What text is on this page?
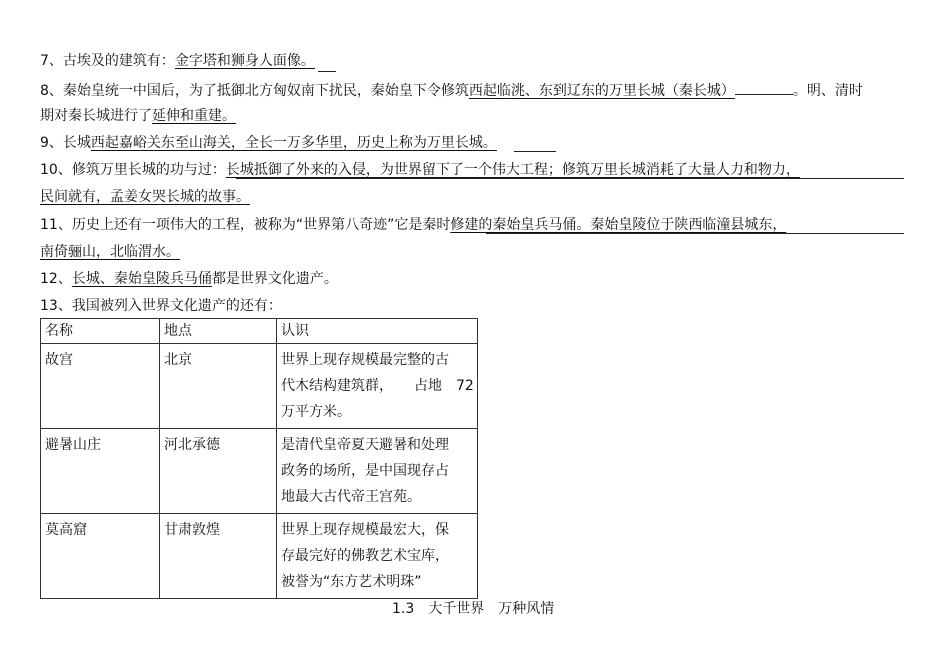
7、古埃及的建筑有：金字塔和狮身人面像。
8、秦始皇统一中国后，为了抵御北方匈奴南下扰民，秦始皇下令修筑西起临洮、东到辽东的万里长城（秦长城）	。明、清时
期对秦长城进行了延伸和重建。
9、长城西起嘉峪关东至山海关，全长一万多华里，历史上称为万里长城。
10、修筑万里长城的功与过：长城抵御了外来的入侵，为世界留下了一个伟大工程；修筑万里长城消耗了大量人力和物力，
民间就有，孟姜女哭长城的故事。
11、历史上还有一项伟大的工程，被称为“世界第八奇迹”它是秦时修建的秦始皇兵马俑。秦始皇陵位于陕西临潼县城东，
南倚骊山，北临渭水。
12、长城、秦始皇陵兵马俑都是世界文化遗产。
13、我国被列入世界文化遗产的还有：
名称	地点	认识
故宫	北京	世界上现存规模最完整的古
代木结构建筑群，　　占地　72
万平方米。

避暑山庄	河北承德	是清代皇帝夏天避暑和处理
政务的场所，是中国现存占
地最大古代帝王宫苑。

莫高窟	甘肃敦煌	世界上现存规模最宏大，保
存最完好的佛教艺术宝库，
被誉为“东方艺术明珠”
1.3　大千世界　万种风情
